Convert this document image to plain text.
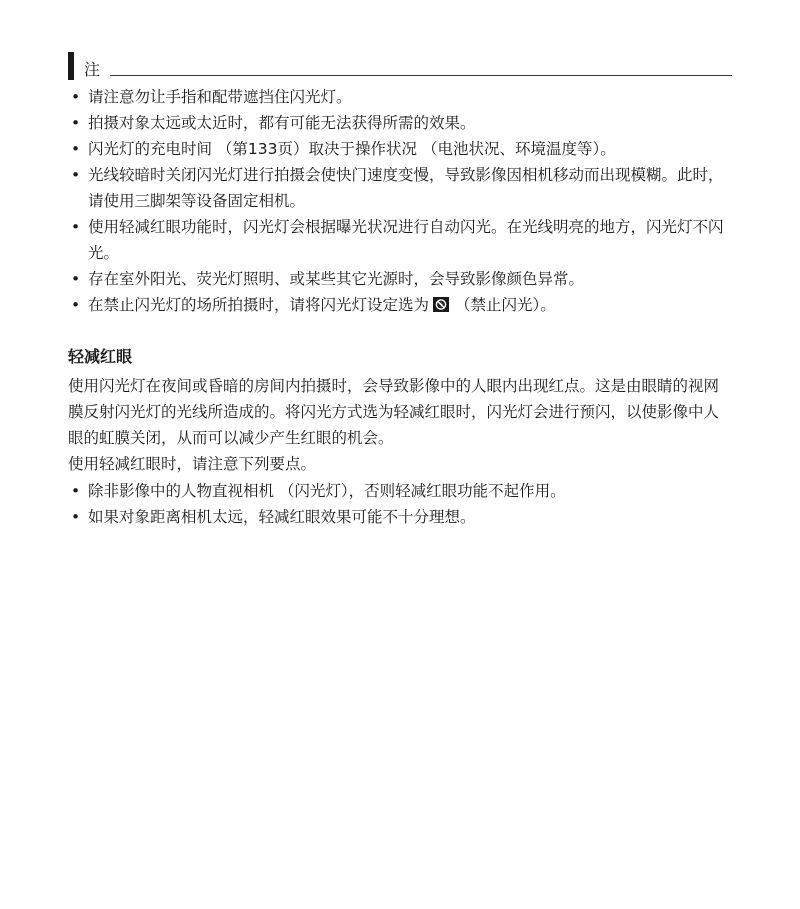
注
• 请注意勿让手指和配带遮挡住闪光灯。
• 拍摄对象太远或太近时，都有可能无法获得所需的效果。
• 闪光灯的充电时间 （第133页）取决于操作状况 （电池状况、环境温度等）。
• 光线较暗时关闭闪光灯进行拍摄会使快门速度变慢，导致影像因相机移动而出现模糊。此时，请使用三脚架等设备固定相机。
• 使用轻减红眼功能时，闪光灯会根据曝光状况进行自动闪光。在光线明亮的地方，闪光灯不闪光。
• 存在室外阳光、荧光灯照明、或某些其它光源时，会导致影像颜色异常。
• 在禁止闪光灯的场所拍摄时，请将闪光灯设定选为 （禁止闪光）。
轻减红眼

使用闪光灯在夜间或昏暗的房间内拍摄时，会导致影像中的人眼内出现红点。这是由眼睛的视网膜反射闪光灯的光线所造成的。将闪光方式选为轻减红眼时，闪光灯会进行预闪，以使影像中人眼的虹膜关闭，从而可以减少产生红眼的机会。

使用轻减红眼时，请注意下列要点。

• 除非影像中的人物直视相机 （闪光灯），否则轻减红眼功能不起作用。
• 如果对象距离相机太远，轻减红眼效果可能不十分理想。
